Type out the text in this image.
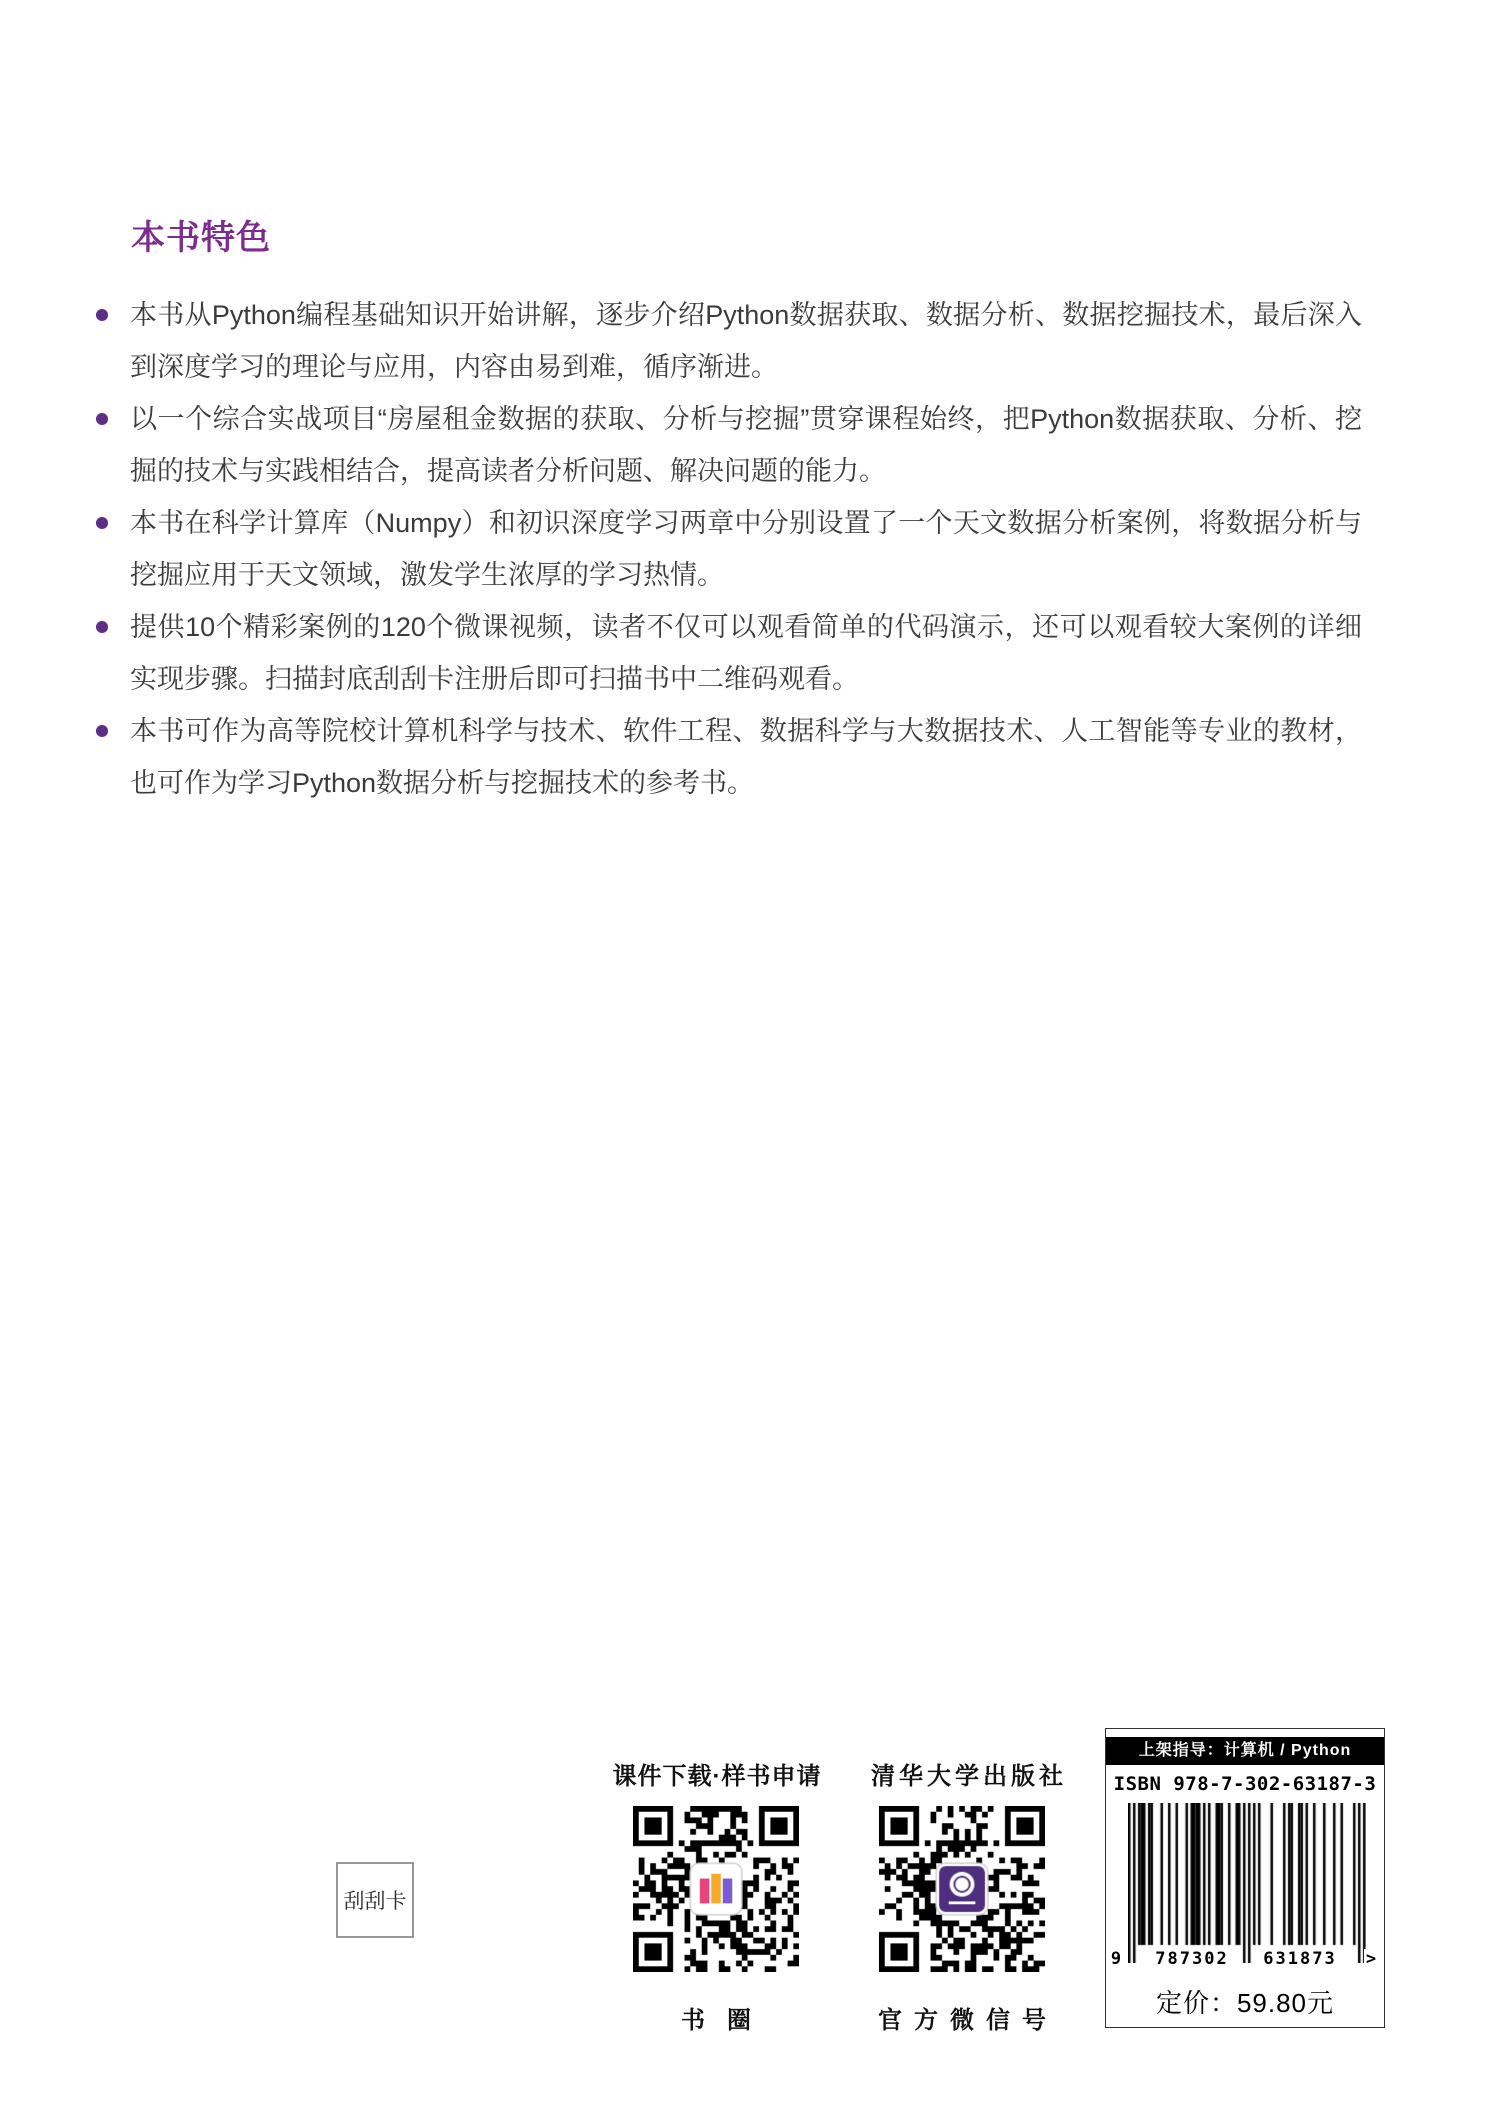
本书特色
本书从Python编程基础知识开始讲解，逐步介绍Python数据获取、数据分析、数据挖掘技术，最后深入到深度学习的理论与应用，内容由易到难，循序渐进。
以一个综合实战项目“房屋租金数据的获取、分析与挖掘”贯穿课程始终，把Python数据获取、分析、挖掘的技术与实践相结合，提高读者分析问题、解决问题的能力。
本书在科学计算库（Numpy）和初识深度学习两章中分别设置了一个天文数据分析案例，将数据分析与挖掘应用于天文领域，激发学生浓厚的学习热情。
提供10个精彩案例的120个微课视频，读者不仅可以观看简单的代码演示，还可以观看较大案例的详细实现步骤。扫描封底刮刮卡注册后即可扫描书中二维码观看。
本书可作为高等院校计算机科学与技术、软件工程、数据科学与大数据技术、人工智能等专业的教材，也可作为学习Python数据分析与挖掘技术的参考书。
刮刮卡
课件下载·样书申请	清华大学出版社
书圈	官方微信号
上架指导：计算机 / Python
ISBN 978-7-302-63187-3
9	787302	631873	>
定价：59.80元
